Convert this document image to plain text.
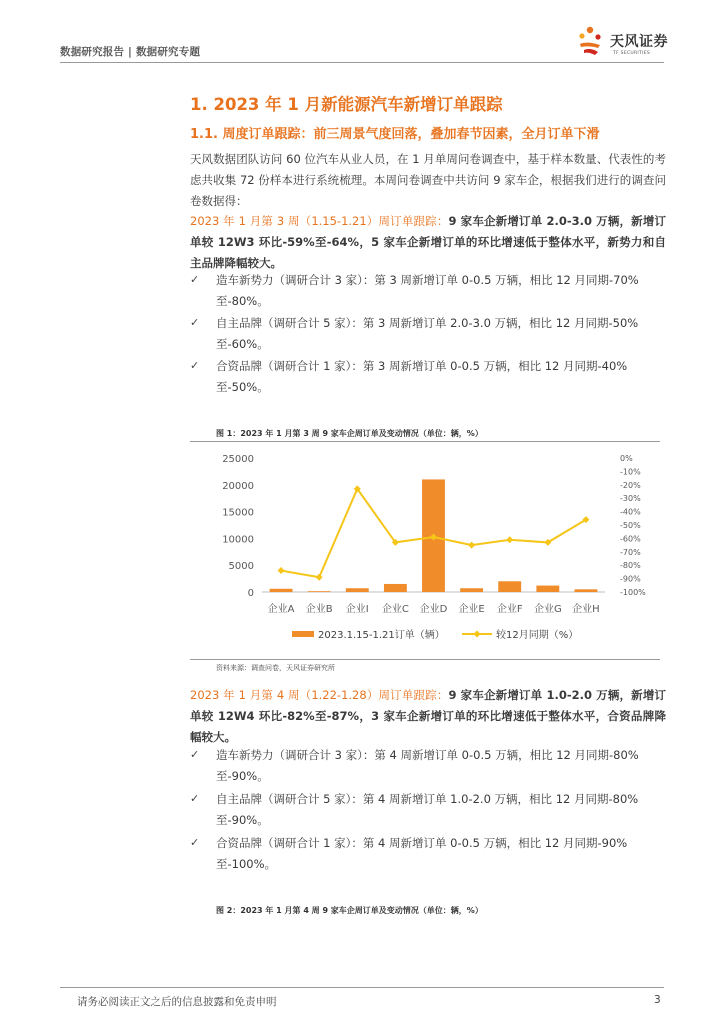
数据研究报告 | 数据研究专题
天风证券
TF SECURITIES
1. 2023 年 1 月新能源汽车新增订单跟踪
1.1. 周度订单跟踪：前三周景气度回落，叠加春节因素，全月订单下滑
天风数据团队访问 60 位汽车从业人员，在 1 月单周问卷调查中，基于样本数量、代表性的考虑共收集 72 份样本进行系统梳理。本周问卷调查中共访问 9 家车企，根据我们进行的调查问卷数据得：
2023 年 1 月第 3 周（1.15-1.21）周订单跟踪：9 家车企新增订单 2.0-3.0 万辆，新增订单较 12W3 环比-59%至-64%，5 家车企新增订单的环比增速低于整体水平，新势力和自主品牌降幅较大。
✓ 造车新势力（调研合计 3 家）：第 3 周新增订单 0-0.5 万辆，相比 12 月同期-70%至-80%。
✓ 自主品牌（调研合计 5 家）：第 3 周新增订单 2.0-3.0 万辆，相比 12 月同期-50%至-60%。
✓ 合资品牌（调研合计 1 家）：第 3 周新增订单 0-0.5 万辆，相比 12 月同期-40%至-50%。
图 1：2023 年 1 月第 3 周 9 家车企周订单及变动情况（单位：辆，%）
0
5000
10000
15000
20000
25000	0%
-10%
-20%
-30%
-40%
-50%
-60%
-70%
-80%
-90%
-100%
企业A 企业B 企业I 企业C 企业D 企业E 企业F 企业G 企业H
2023.1.15-1.21订单（辆）	较12月同期（%）
资料来源：调查问卷，天风证券研究所
2023 年 1 月第 4 周（1.22-1.28）周订单跟踪：9 家车企新增订单 1.0-2.0 万辆，新增订单较 12W4 环比-82%至-87%，3 家车企新增订单的环比增速低于整体水平，合资品牌降幅较大。
✓ 造车新势力（调研合计 3 家）：第 4 周新增订单 0-0.5 万辆，相比 12 月同期-80%至-90%。
✓ 自主品牌（调研合计 5 家）：第 4 周新增订单 1.0-2.0 万辆，相比 12 月同期-80%至-90%。
✓ 合资品牌（调研合计 1 家）：第 4 周新增订单 0-0.5 万辆，相比 12 月同期-90%至-100%。
图 2：2023 年 1 月第 4 周 9 家车企周订单及变动情况（单位：辆，%）
请务必阅读正文之后的信息披露和免责申明	3
